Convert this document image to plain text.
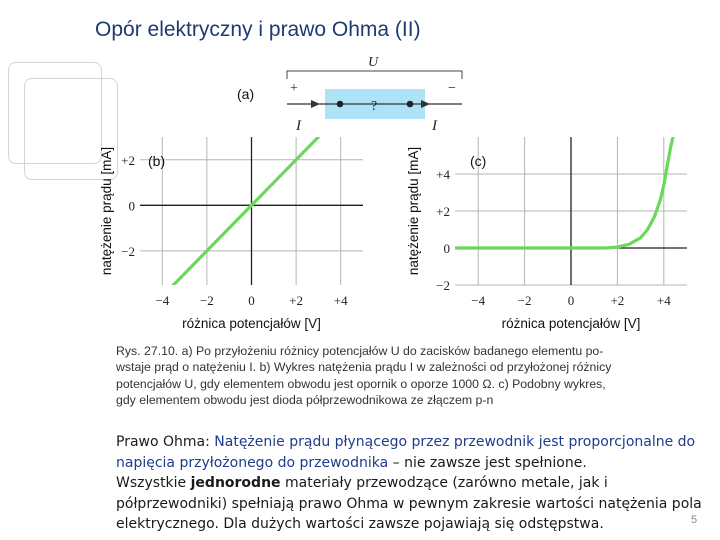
Opór elektryczny i prawo Ohma (II)
(a)
U
+	−
?
I	I
−4 −2	0	+2 +4
−2
0
+2
różnica potencjałów [V]
natężenie prądu [mA] (b)
−4	−2	0	+2	+4
−2
0
+2
+4
różnica potencjałów [V]
natężenie prądu [mA]	(c)
Rys. 27.10. a) Po przyłożeniu różnicy potencjałów U do zacisków badanego elementu po-
wstaje prąd o natężeniu I. b) Wykres natężenia prądu I w zależności od przyłożonej różnicy
potencjałów U, gdy elementem obwodu jest opornik o oporze 1000 Ω. c) Podobny wykres,
gdy elementem obwodu jest dioda półprzewodnikowa ze złączem p-n
Prawo Ohma: Natężenie prądu płynącego przez przewodnik jest proporcjonalne do napięcia przyłożonego do przewodnika – nie zawsze jest spełnione.
Wszystkie jednorodne materiały przewodzące (zarówno metale, jak i półprzewodniki) spełniają prawo Ohma w pewnym zakresie wartości natężenia pola elektrycznego. Dla dużych wartości zawsze pojawiają się odstępstwa.	5
